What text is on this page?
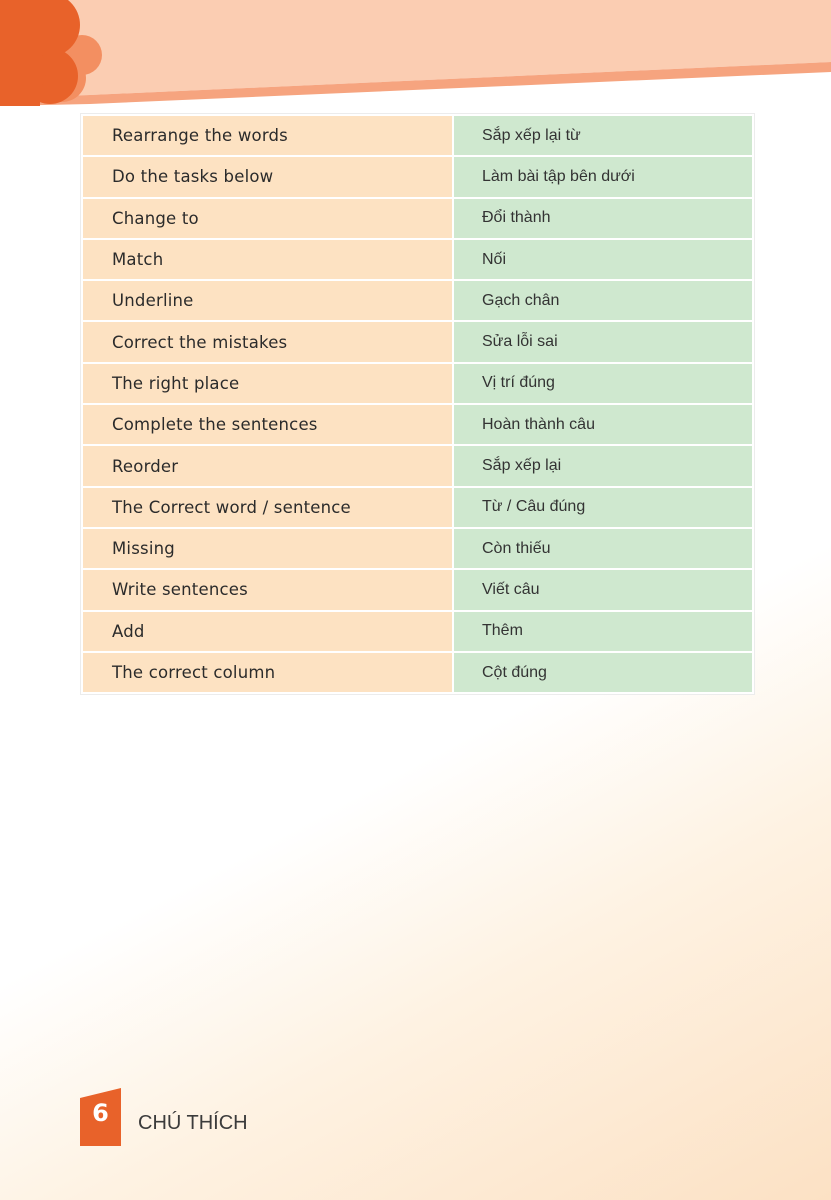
Rearrange the words	Sắp xếp lại từ
Do the tasks below	Làm bài tập bên dưới
Change to	Đổi thành
Match	Nối
Underline	Gạch chân
Correct the mistakes	Sửa lỗi sai
The right place	Vị trí đúng
Complete the sentences	Hoàn thành câu
Reorder	Sắp xếp lại
The Correct word / sentence	Từ / Câu đúng
Missing	Còn thiếu
Write sentences	Viết câu
Add	Thêm
The correct column	Cột đúng
6	CHÚ THÍCH
